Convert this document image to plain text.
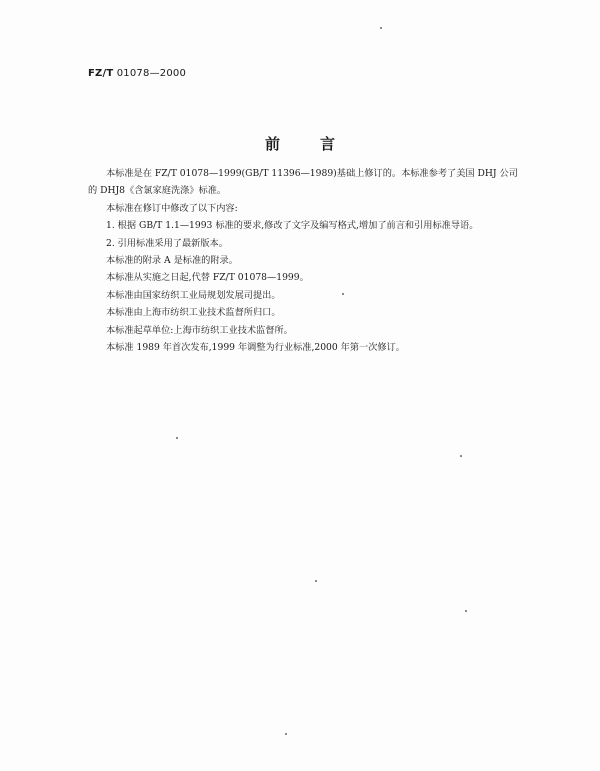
FZ/T 01078—2000
前言

本标准是在 FZ/T 01078—1999(GB/T 11396—1989)基础上修订的。本标准参考了美国 DHJ 公司

的 DHJ8《含氯家庭洗涤》标准。

本标准在修订中修改了以下内容:

1. 根据 GB/T 1.1—1993 标准的要求,修改了文字及编写格式,增加了前言和引用标准导语。

2. 引用标准采用了最新版本。

本标准的附录 A 是标准的附录。

本标准从实施之日起,代替 FZ/T 01078—1999。

本标准由国家纺织工业局规划发展司提出。

本标准由上海市纺织工业技术监督所归口。

本标准起草单位:上海市纺织工业技术监督所。

本标准 1989 年首次发布,1999 年调整为行业标准,2000 年第一次修订。
